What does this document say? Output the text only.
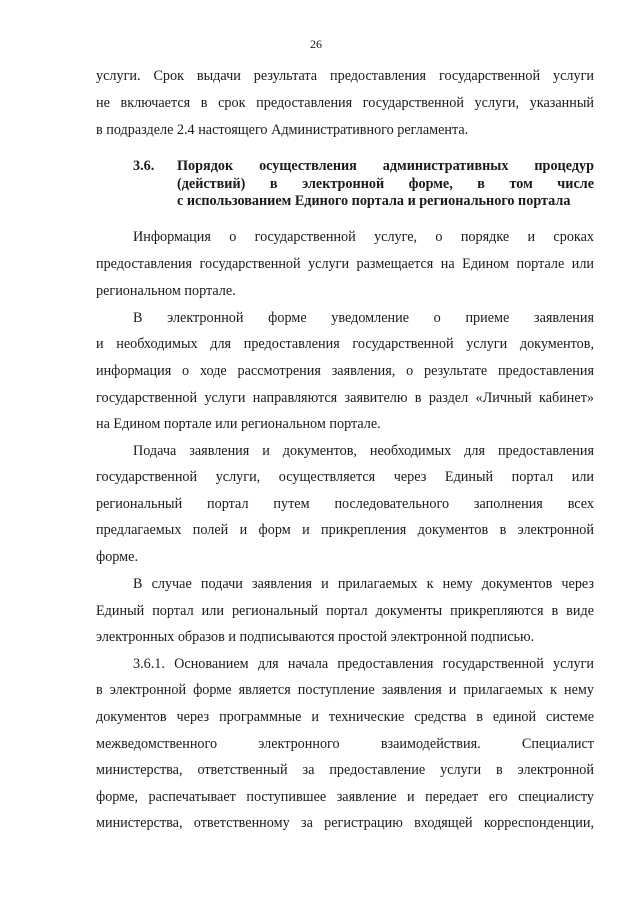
26
услуги. Срок выдачи результата предоставления государственной услуги
не включается в срок предоставления государственной услуги, указанный
в подразделе 2.4 настоящего Административного регламента.
3.6. Порядок осуществления административных процедур
(действий) в электронной форме, в том числе
с использованием Единого портала и регионального портала
Информация о государственной услуге, о порядке и сроках
предоставления государственной услуги размещается на Едином портале или
региональном портале.
В электронной форме уведомление о приеме заявления
и необходимых для предоставления государственной услуги документов,
информация о ходе рассмотрения заявления, о результате предоставления
государственной услуги направляются заявителю в раздел «Личный кабинет»
на Едином портале или региональном портале.
Подача заявления и документов, необходимых для предоставления
государственной услуги, осуществляется через Единый портал или
региональный портал путем последовательного заполнения всех
предлагаемых полей и форм и прикрепления документов в электронной
форме.
В случае подачи заявления и прилагаемых к нему документов через
Единый портал или региональный портал документы прикрепляются в виде
электронных образов и подписываются простой электронной подписью.
3.6.1. Основанием для начала предоставления государственной услуги
в электронной форме является поступление заявления и прилагаемых к нему
документов через программные и технические средства в единой системе
межведомственного электронного взаимодействия. Специалист
министерства, ответственный за предоставление услуги в электронной
форме, распечатывает поступившее заявление и передает его специалисту
министерства, ответственному за регистрацию входящей корреспонденции,
